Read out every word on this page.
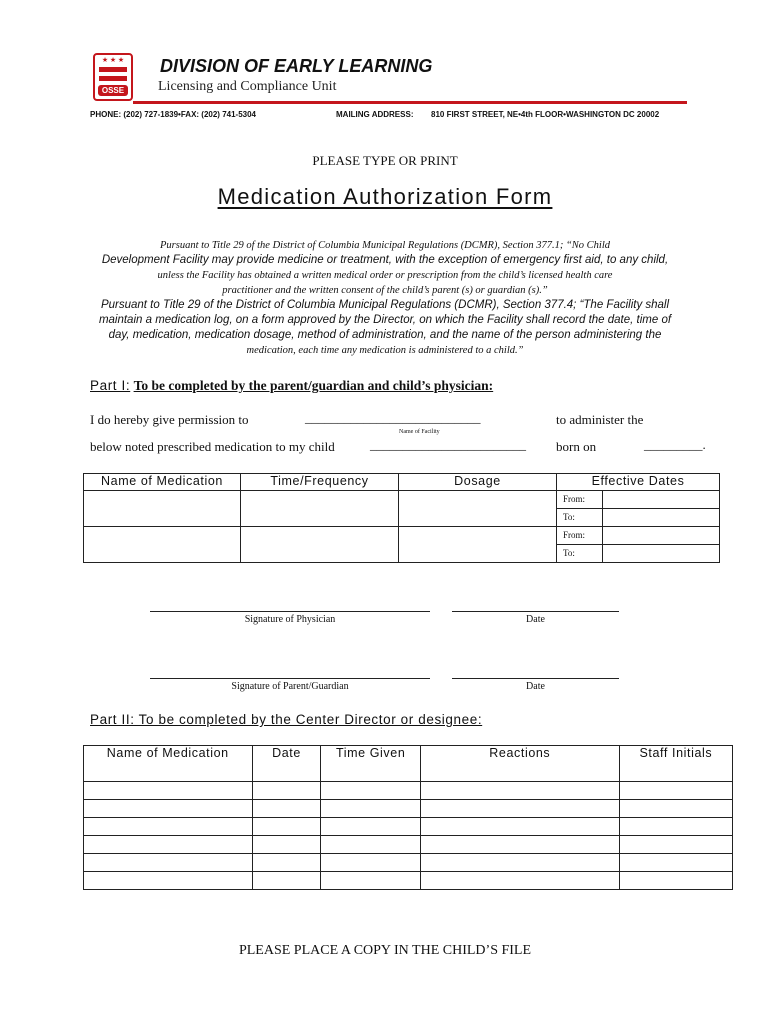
★ ★ ★
OSSE
DIVISION OF EARLY LEARNING
Licensing and Compliance Unit
PHONE: (202) 727-1839•FAX: (202) 741-5304	MAILING ADDRESS: 810 FIRST STREET, NE•4th FLOOR•WASHINGTON DC 20002
PLEASE TYPE OR PRINT
Medication Authorization Form

Pursuant to Title 29 of the District of Columbia Municipal Regulations (DCMR), Section 377.1; “No Child

Development Facility may provide medicine or treatment, with the exception of emergency first aid, to any child,

unless the Facility has obtained a written medical order or prescription from the child’s licensed health care

practitioner and the written consent of the child’s parent (s) or guardian (s).”

Pursuant to Title 29 of the District of Columbia Municipal Regulations (DCMR), Section 377.4; “The Facility shall

maintain a medication log, on a form approved by the Director, on which the Facility shall record the date, time of

day, medication, medication dosage, method of administration, and the name of the person administering the

medication, each time any medication is administered to a child.”

Part I: To be completed by the parent/guardian and child’s physician:
I do hereby give permission to	___________________________
Name of Facility
to administer the
below noted prescribed medication to my child	________________________ born on	_________.
Name of Medication	Time/Frequency	Dosage	Effective Dates	
			From:	
			To:	
			From:	
			To:	
Signature of Physician	Date
Signature of Parent/Guardian	Date
Part II: To be completed by the Center Director or designee:
Name of Medication	Date	Time Given	Reactions	Staff Initials

PLEASE PLACE A COPY IN THE CHILD’S FILE
